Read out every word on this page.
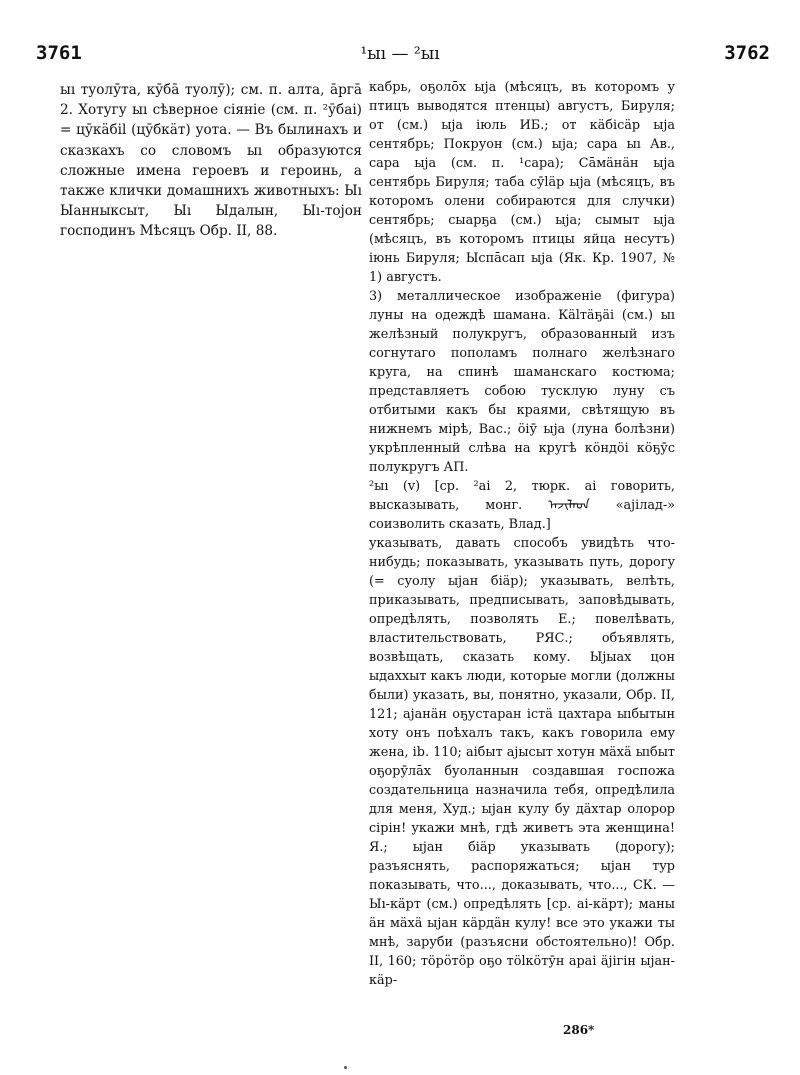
3761	¹ыı — ²ыı	3762

ыı туолӯта, кӯбā туолӯ); см. п. алта, āргā 2. Хотугу ыı сѣверное сіяніе (см. п. ²ӯбаі) = цӯкäбіl (цӯбкäт) уота. — Въ былинахъ и сказкахъ со словомъ ыı образуются сложные имена героевъ и героинь, а также клички домашнихъ животныхъ: Ыı Ыанныксыт, Ыı Ыдалын, Ыı-тоjон господинъ Мѣсяцъ Обр. II, 88.

кабрь, оҕолōх ыjа (мѣсяцъ, въ которомъ у птицъ выводятся птенцы) августъ, Бируля; от (см.) ыjа іюль ИБ.; от кäбісäр ыjа сентябрь; Покруон (см.) ыjа; сара ыı Ав., сара ыjа (см. п. ¹сара); Сāмäнäн ыjа сентябрь Бируля; таба сӯläр ыjа (мѣсяцъ, въ которомъ олени собираются для случки) сентябрь; сыарҕа (см.) ыjа; сымыт ыjа (мѣсяцъ, въ которомъ птицы яйца несутъ) іюнь Бируля; Ыспāсап ыjа (Як. Кр. 1907, № 1) августъ.

3) металлическое изображеніе (фигура) луны на одеждѣ шамана. Кälтäҕäі (см.) ыı желѣзный полукругъ, образованный изъ согнутаго пополамъ полнаго желѣзнаго круга, на спинѣ шаманскаго костюма; представляетъ собою тусклую луну съ отбитыми какъ бы краями, свѣтящую въ нижнемъ мірѣ, Вас.; öіӯ ыjа (луна болѣзни) укрѣпленный слѣва на кругѣ кöндöі кöҕӯс полукругъ АП.

²ыı (v) [ср. ²аі 2, тюрк. аі говорить, высказывать, монг. ᠠᠵᠢᠯᠠᠳ «аjілад-» соизволить сказать, Влад.]

указывать, давать способъ увидѣть что-нибудь; показывать, указывать путь, дорогу (= суолу ыjан біäр); указывать, велѣть, приказывать, предписывать, заповѣдывать, опредѣлять, позволять Е.; повелѣвать, властительствовать, РЯС.; объявлять, возвѣщать, сказать кому. Ыjыах цон ыдаххыт какъ люди, которые могли (должны были) указать, вы, понятно, указали, Обр. II, 121; аjанäн оҕустаран істä цахтара ыıбытын хоту онъ поѣхалъ такъ, какъ говорила ему жена, ib. 110; аібыт аjысыт хотун мäхä ыıбыт оҕорӯлāх буоланнын создавшая госпожа создательница назначила тебя, опредѣлила для меня, Худ.; ыjан кулу бу дäхтар олорор сірін! укажи мнѣ, гдѣ живетъ эта женщина! Я.; ыjан біäр указывать (дорогу); разъяснять, распоряжаться; ыjан тур показывать, что..., доказывать, что..., СК. — Ыı-кäрт (см.) опредѣлять [ср. аі-кäрт); маны äн мäхä ыjан кäрдäн кулу! все это укажи ты мнѣ, заруби (разъясни обстоятельно)! Обр. II, 160; тöрӧтöр оҕо тölкöтӯн араі äjігін ыjан-кäр-

286*
